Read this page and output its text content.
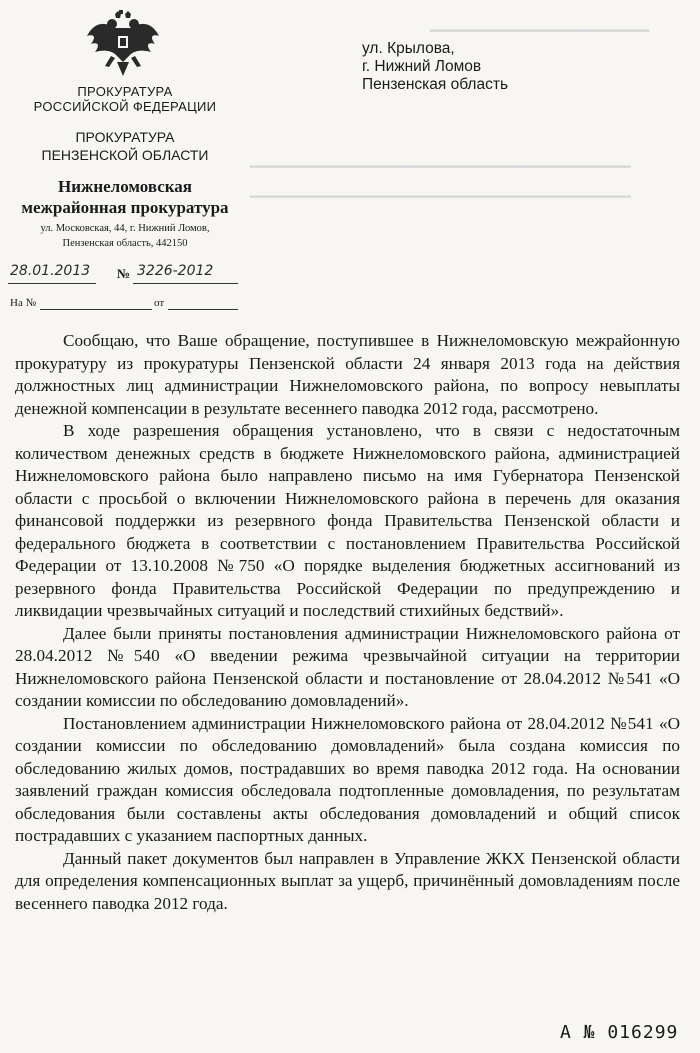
▁▁▁▁▁▁▁▁▁▁▁▁▁▁▁▁▁▁▁
▁▁▁▁▁▁▁▁▁▁▁▁▁▁▁▁▁▁▁▁▁▁▁▁▁▁▁▁▁▁▁▁▁
▁▁▁▁▁▁▁▁▁▁▁▁▁▁▁▁▁▁▁▁▁▁▁▁▁▁▁▁▁▁▁▁▁
ПРОКУРАТУРА
РОССИЙСКОЙ ФЕДЕРАЦИИ
ПРОКУРАТУРА
ПЕНЗЕНСКОЙ ОБЛАСТИ
Нижнеломовская
межрайонная прокуратура
ул. Московская, 44, г. Нижний Ломов,
Пензенская область, 442150
28.01.2013 № 3226-2012
На №	от
ул. Крылова,
г. Нижний Ломов
Пензенская область

Сообщаю, что Ваше обращение, поступившее в Нижнеломовскую межрайонную прокуратуру из прокуратуры Пензенской области 24 января 2013 года на действия должностных лиц администрации Нижнеломовского района, по вопросу невыплаты денежной компенсации в результате весеннего паводка 2012 года, рассмотрено.

В ходе разрешения обращения установлено, что в связи с недостаточным количеством денежных средств в бюджете Нижнеломовского района, администрацией Нижнеломовского района было направлено письмо на имя Губернатора Пензенской области с просьбой о включении Нижнеломовского района в перечень для оказания финансовой поддержки из резервного фонда Правительства Пензенской области и федерального бюджета в соответствии с постановлением Правительства Российской Федерации от 13.10.2008 №750 «О порядке выделения бюджетных ассигнований из резервного фонда Правительства Российской Федерации по предупреждению и ликвидации чрезвычайных ситуаций и последствий стихийных бедствий».

Далее были приняты постановления администрации Нижнеломовского района от 28.04.2012 №540 «О введении режима чрезвычайной ситуации на территории Нижнеломовского района Пензенской области и постановление от 28.04.2012 №541 «О создании комиссии по обследованию домовладений».

Постановлением администрации Нижнеломовского района от 28.04.2012 №541 «О создании комиссии по обследованию домовладений» была создана комиссия по обследованию жилых домов, пострадавших во время паводка 2012 года. На основании заявлений граждан комиссия обследовала подтопленные домовладения, по результатам обследования были составлены акты обследования домовладений и общий список пострадавших с указанием паспортных данных.

Данный пакет документов был направлен в Управление ЖКХ Пензенской области для определения компенсационных выплат за ущерб, причинённый домовладениям после весеннего паводка 2012 года.

А № 016299
